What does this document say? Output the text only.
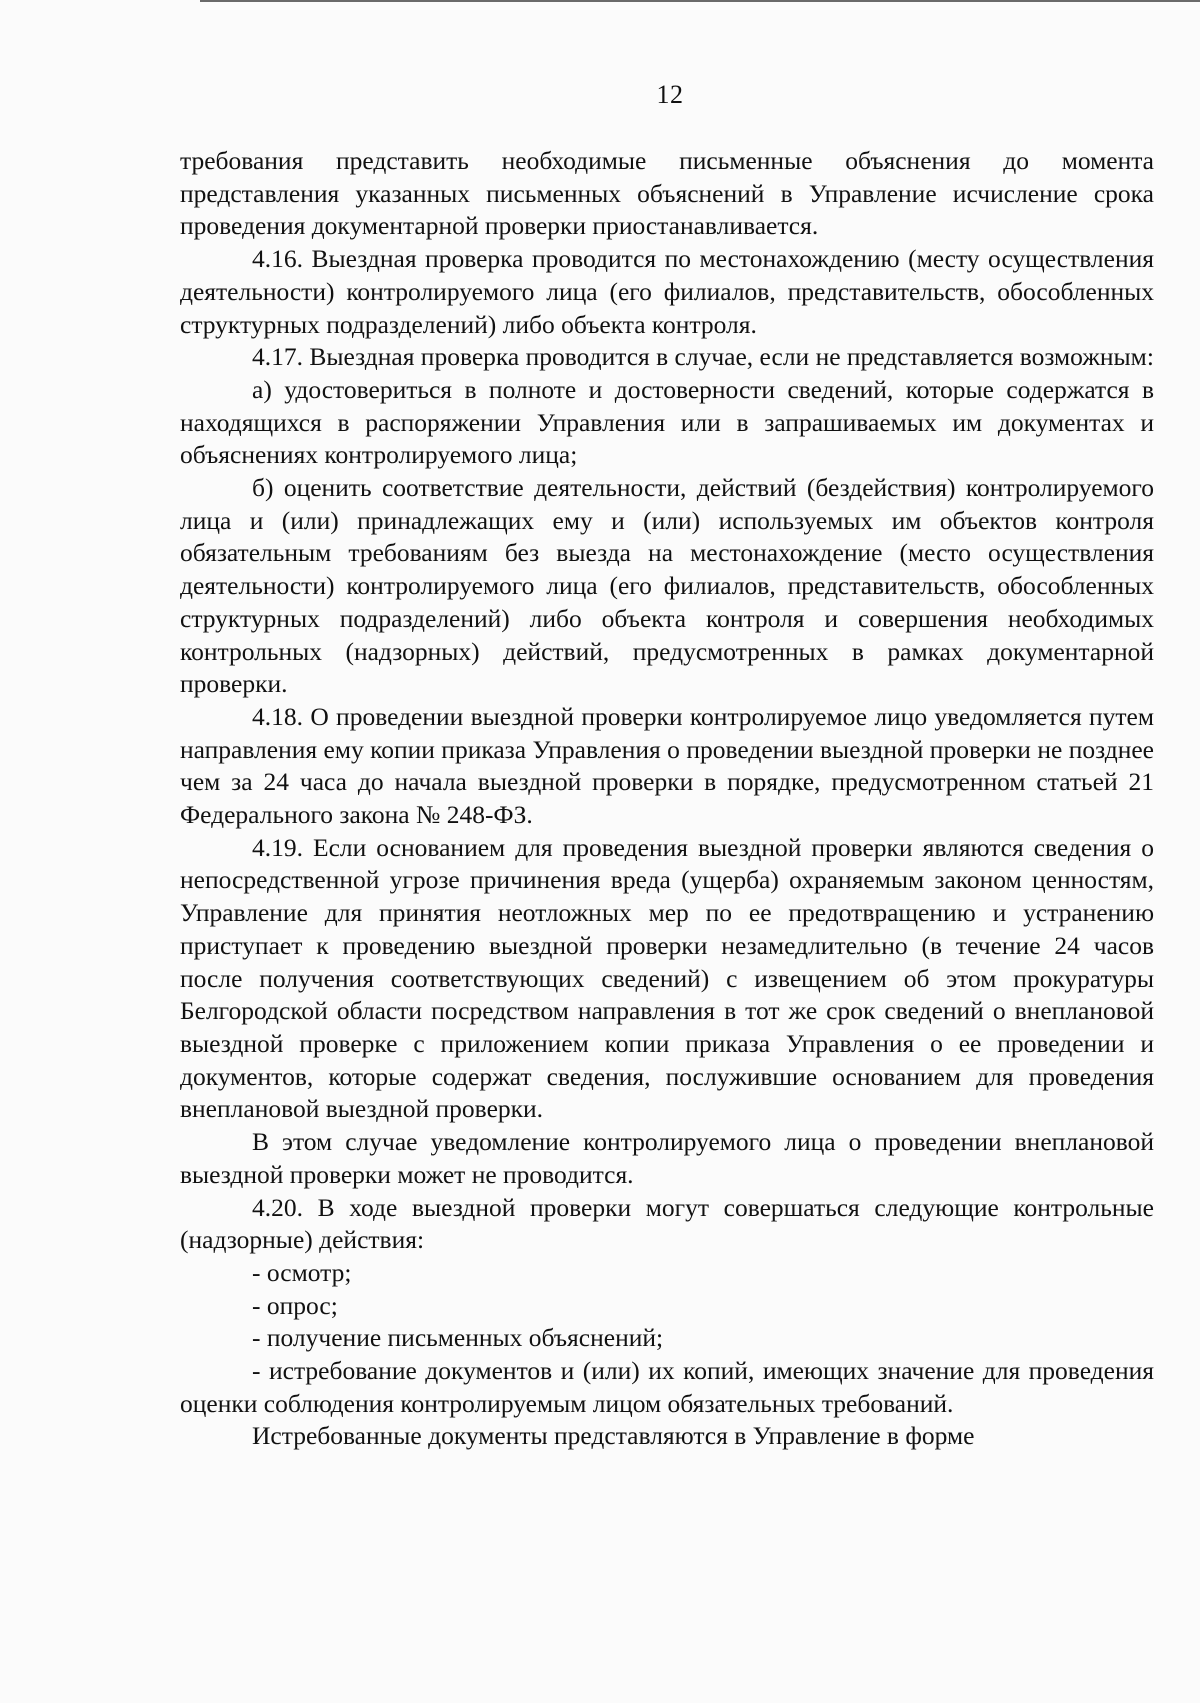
12

требования представить необходимые письменные объяснения до момента представления указанных письменных объяснений в Управление исчисление срока проведения документарной проверки приостанавливается.

4.16. Выездная проверка проводится по местонахождению (месту осуществления деятельности) контролируемого лица (его филиалов, представительств, обособленных структурных подразделений) либо объекта контроля.

4.17. Выездная проверка проводится в случае, если не представляется возможным:

а) удостовериться в полноте и достоверности сведений, которые содержатся в находящихся в распоряжении Управления или в запрашиваемых им документах и объяснениях контролируемого лица;

б) оценить соответствие деятельности, действий (бездействия) контролируемого лица и (или) принадлежащих ему и (или) используемых им объектов контроля обязательным требованиям без выезда на местонахождение (место осуществления деятельности) контролируемого лица (его филиалов, представительств, обособленных структурных подразделений) либо объекта контроля и совершения необходимых контрольных (надзорных) действий, предусмотренных в рамках документарной проверки.

4.18. О проведении выездной проверки контролируемое лицо уведомляется путем направления ему копии приказа Управления о проведении выездной проверки не позднее чем за 24 часа до начала выездной проверки в порядке, предусмотренном статьей 21 Федерального закона № 248-ФЗ.

4.19. Если основанием для проведения выездной проверки являются сведения о непосредственной угрозе причинения вреда (ущерба) охраняемым законом ценностям, Управление для принятия неотложных мер по ее предотвращению и устранению приступает к проведению выездной проверки незамедлительно (в течение 24 часов после получения соответствующих сведений) с извещением об этом прокуратуры Белгородской области посредством направления в тот же срок сведений о внеплановой выездной проверке с приложением копии приказа Управления о ее проведении и документов, которые содержат сведения, послужившие основанием для проведения внеплановой выездной проверки.

В этом случае уведомление контролируемого лица о проведении внеплановой выездной проверки может не проводится.

4.20. В ходе выездной проверки могут совершаться следующие контрольные (надзорные) действия:

- осмотр;

- опрос;

- получение письменных объяснений;

- истребование документов и (или) их копий, имеющих значение для проведения оценки соблюдения контролируемым лицом обязательных требований.

Истребованные документы представляются в Управление в форме
